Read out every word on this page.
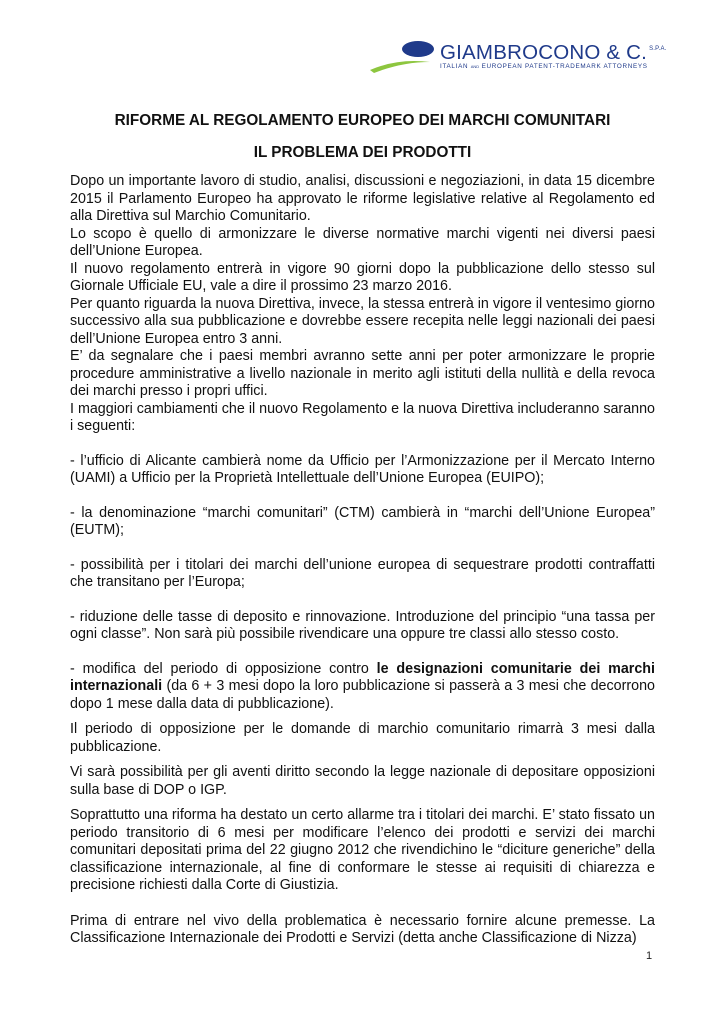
GIAMBROCONO & C. $^{S.P.A.}$
ITALIAN AND EUROPEAN PATENT-TRADEMARK ATTORNEYS

RIFORME AL REGOLAMENTO EUROPEO DEI MARCHI COMUNITARI

IL PROBLEMA DEI PRODOTTI

Dopo un importante lavoro di studio, analisi, discussioni e negoziazioni, in data 15 dicembre 2015 il Parlamento Europeo ha approvato le riforme legislative relative al Regolamento ed alla Direttiva sul Marchio Comunitario.

Lo scopo è quello di armonizzare le diverse normative marchi vigenti nei diversi paesi dell’Unione Europea.

Il nuovo regolamento entrerà in vigore 90 giorni dopo la pubblicazione dello stesso sul Giornale Ufficiale EU, vale a dire il prossimo 23 marzo 2016.

Per quanto riguarda la nuova Direttiva, invece, la stessa entrerà in vigore il ventesimo giorno successivo alla sua pubblicazione e dovrebbe essere recepita nelle leggi nazionali dei paesi dell’Unione Europea entro 3 anni.

E’ da segnalare che i paesi membri avranno sette anni per poter armonizzare le proprie procedure amministrative a livello nazionale in merito agli istituti della nullità e della revoca dei marchi presso i propri uffici.

I maggiori cambiamenti che il nuovo Regolamento e la nuova Direttiva includeranno saranno i seguenti:

- l’ufficio di Alicante cambierà nome da Ufficio per l’Armonizzazione per il Mercato Interno (UAMI) a Ufficio per la Proprietà Intellettuale dell’Unione Europea (EUIPO);

- la denominazione “marchi comunitari” (CTM) cambierà in “marchi dell’Unione Europea” (EUTM);

- possibilità per i titolari dei marchi dell’unione europea di sequestrare prodotti contraffatti che transitano per l’Europa;

- riduzione delle tasse di deposito e rinnovazione. Introduzione del principio “una tassa per ogni classe”. Non sarà più possibile rivendicare una oppure tre classi allo stesso costo.

- modifica del periodo di opposizione contro le designazioni comunitarie dei marchi internazionali (da 6 + 3 mesi dopo la loro pubblicazione si passerà a 3 mesi che decorrono dopo 1 mese dalla data di pubblicazione).

Il periodo di opposizione per le domande di marchio comunitario rimarrà 3 mesi dalla pubblicazione.

Vi sarà possibilità per gli aventi diritto secondo la legge nazionale di depositare opposizioni sulla base di DOP o IGP.

Soprattutto una riforma ha destato un certo allarme tra i titolari dei marchi. E’ stato fissato un periodo transitorio di 6 mesi per modificare l’elenco dei prodotti e servizi dei marchi comunitari depositati prima del 22 giugno 2012 che rivendichino le “diciture generiche” della classificazione internazionale, al fine di conformare le stesse ai requisiti di chiarezza e precisione richiesti dalla Corte di Giustizia.

Prima di entrare nel vivo della problematica è necessario fornire alcune premesse. La Classificazione Internazionale dei Prodotti e Servizi (detta anche Classificazione di Nizza)

1
